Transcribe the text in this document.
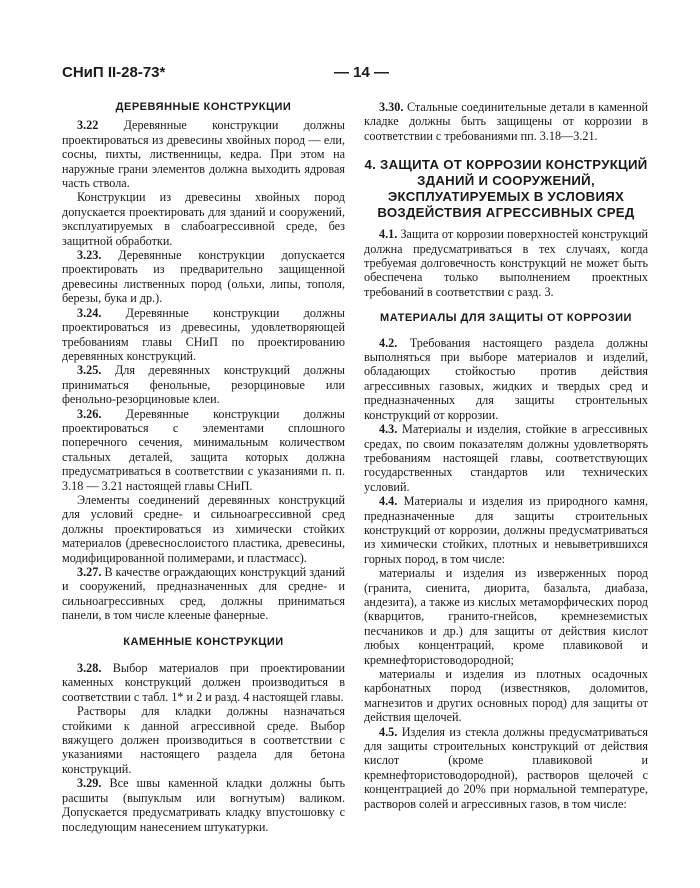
СНиП II-28-73*	— 14 —
ДЕРЕВЯННЫЕ КОНСТРУКЦИИ

3.22 Деревянные конструкции должны проектироваться из древесины хвойных пород — ели, сосны, пихты, лиственницы, кедра. При этом на наружные грани элементов должна выходить ядровая часть ствола.

Конструкции из древесины хвойных пород допускается проектировать для зданий и сооружений, эксплуатируемых в слабоагрессивной среде, без защитной обработки.

3.23. Деревянные конструкции допускается проектировать из предварительно защищенной древесины лиственных пород (ольхи, липы, тополя, березы, бука и др.).

3.24. Деревянные конструкции должны проектироваться из древесины, удовлетворяющей требованиям главы СНиП по проектированию деревянных конструкций.

3.25. Для деревянных конструкций должны приниматься фенольные, резорциновые или фенольно-резорциновые клеи.

3.26. Деревянные конструкции должны проектироваться с элементами сплошного поперечного сечения, минимальным количеством стальных деталей, защита которых должна предусматриваться в соответствии с указаниями п. п. 3.18 — 3.21 настоящей главы СНиП.

Элементы соединений деревянных конструкций для условий средне- и сильноагрессивной сред должны проектироваться из химически стойких материалов (древеснослоистого пластика, древесины, модифицированной полимерами, и пластмасс).

3.27. В качестве ограждающих конструкций зданий и сооружений, предназначенных для средне- и сильноагрессивных сред, должны приниматься панели, в том числе клееные фанерные.

КАМЕННЫЕ КОНСТРУКЦИИ

3.28. Выбор материалов при проектировании каменных конструкций должен производиться в соответствии с табл. 1* и 2 и разд. 4 настоящей главы.

Растворы для кладки должны назначаться стойкими к данной агрессивной среде. Выбор вяжущего должен производиться в соответствии с указаниями настоящего раздела для бетона конструкций.

3.29. Все швы каменной кладки должны быть расшиты (выпуклым или вогнутым) валиком. Допускается предусматривать кладку впустошовку с последующим нанесением штукатурки.

3.30. Стальные соединительные детали в каменной кладке должны быть защищены от коррозии в соответствии с требованиями пп. 3.18—3.21.

4. ЗАЩИТА ОТ КОРРОЗИИ КОНСТРУКЦИЙ ЗДАНИЙ И СООРУЖЕНИЙ, ЭКСПЛУАТИРУЕМЫХ В УСЛОВИЯХ ВОЗДЕЙСТВИЯ АГРЕССИВНЫХ СРЕД

4.1. Защита от коррозии поверхностей конструкций должна предусматриваться в тех случаях, когда требуемая долговечность конструкций не может быть обеспечена только выполнением проектных требований в соответствии с разд. 3.

МАТЕРИАЛЫ ДЛЯ ЗАЩИТЫ ОТ КОРРОЗИИ

4.2. Требования настоящего раздела должны выполняться при выборе материалов и изделий, обладающих стойкостью против действия агрессивных газовых, жидких и твердых сред и предназначенных для защиты стронтельных конструкций от коррозии.

4.3. Материалы и изделия, стойкие в агрессивных средах, по своим показателям должны удовлетворять требованиям настоящей главы, соответствующих государственных стандартов или технических условий.

4.4. Материалы и изделия из природного камня, предназначенные для защиты строительных конструкций от коррозии, должны предусматриваться из химически стойких, плотных и невыветрившихся горных пород, в том числе:

материалы и изделия из изверженных пород (гранита, сиенита, диорита, базальта, диабаза, андезита), а также из кислых метаморфических пород (кварцитов, гранито-гнейсов, кремнеземистых песчаников и др.) для защиты от действия кислот любых концентраций, кроме плавиковой и кремнефтористоводородной;

материалы и изделия из плотных осадочных карбонатных пород (известняков, доломитов, магнезитов и других основных пород) для защиты от действия щелочей.

4.5. Изделия из стекла должны предусматриваться для защиты строительных конструкций от действия кислот (кроме плавиковой и кремнефтористоводородной), растворов щелочей с концентрацией до 20% при нормальной температуре, растворов солей и агрессивных газов, в том числе:
